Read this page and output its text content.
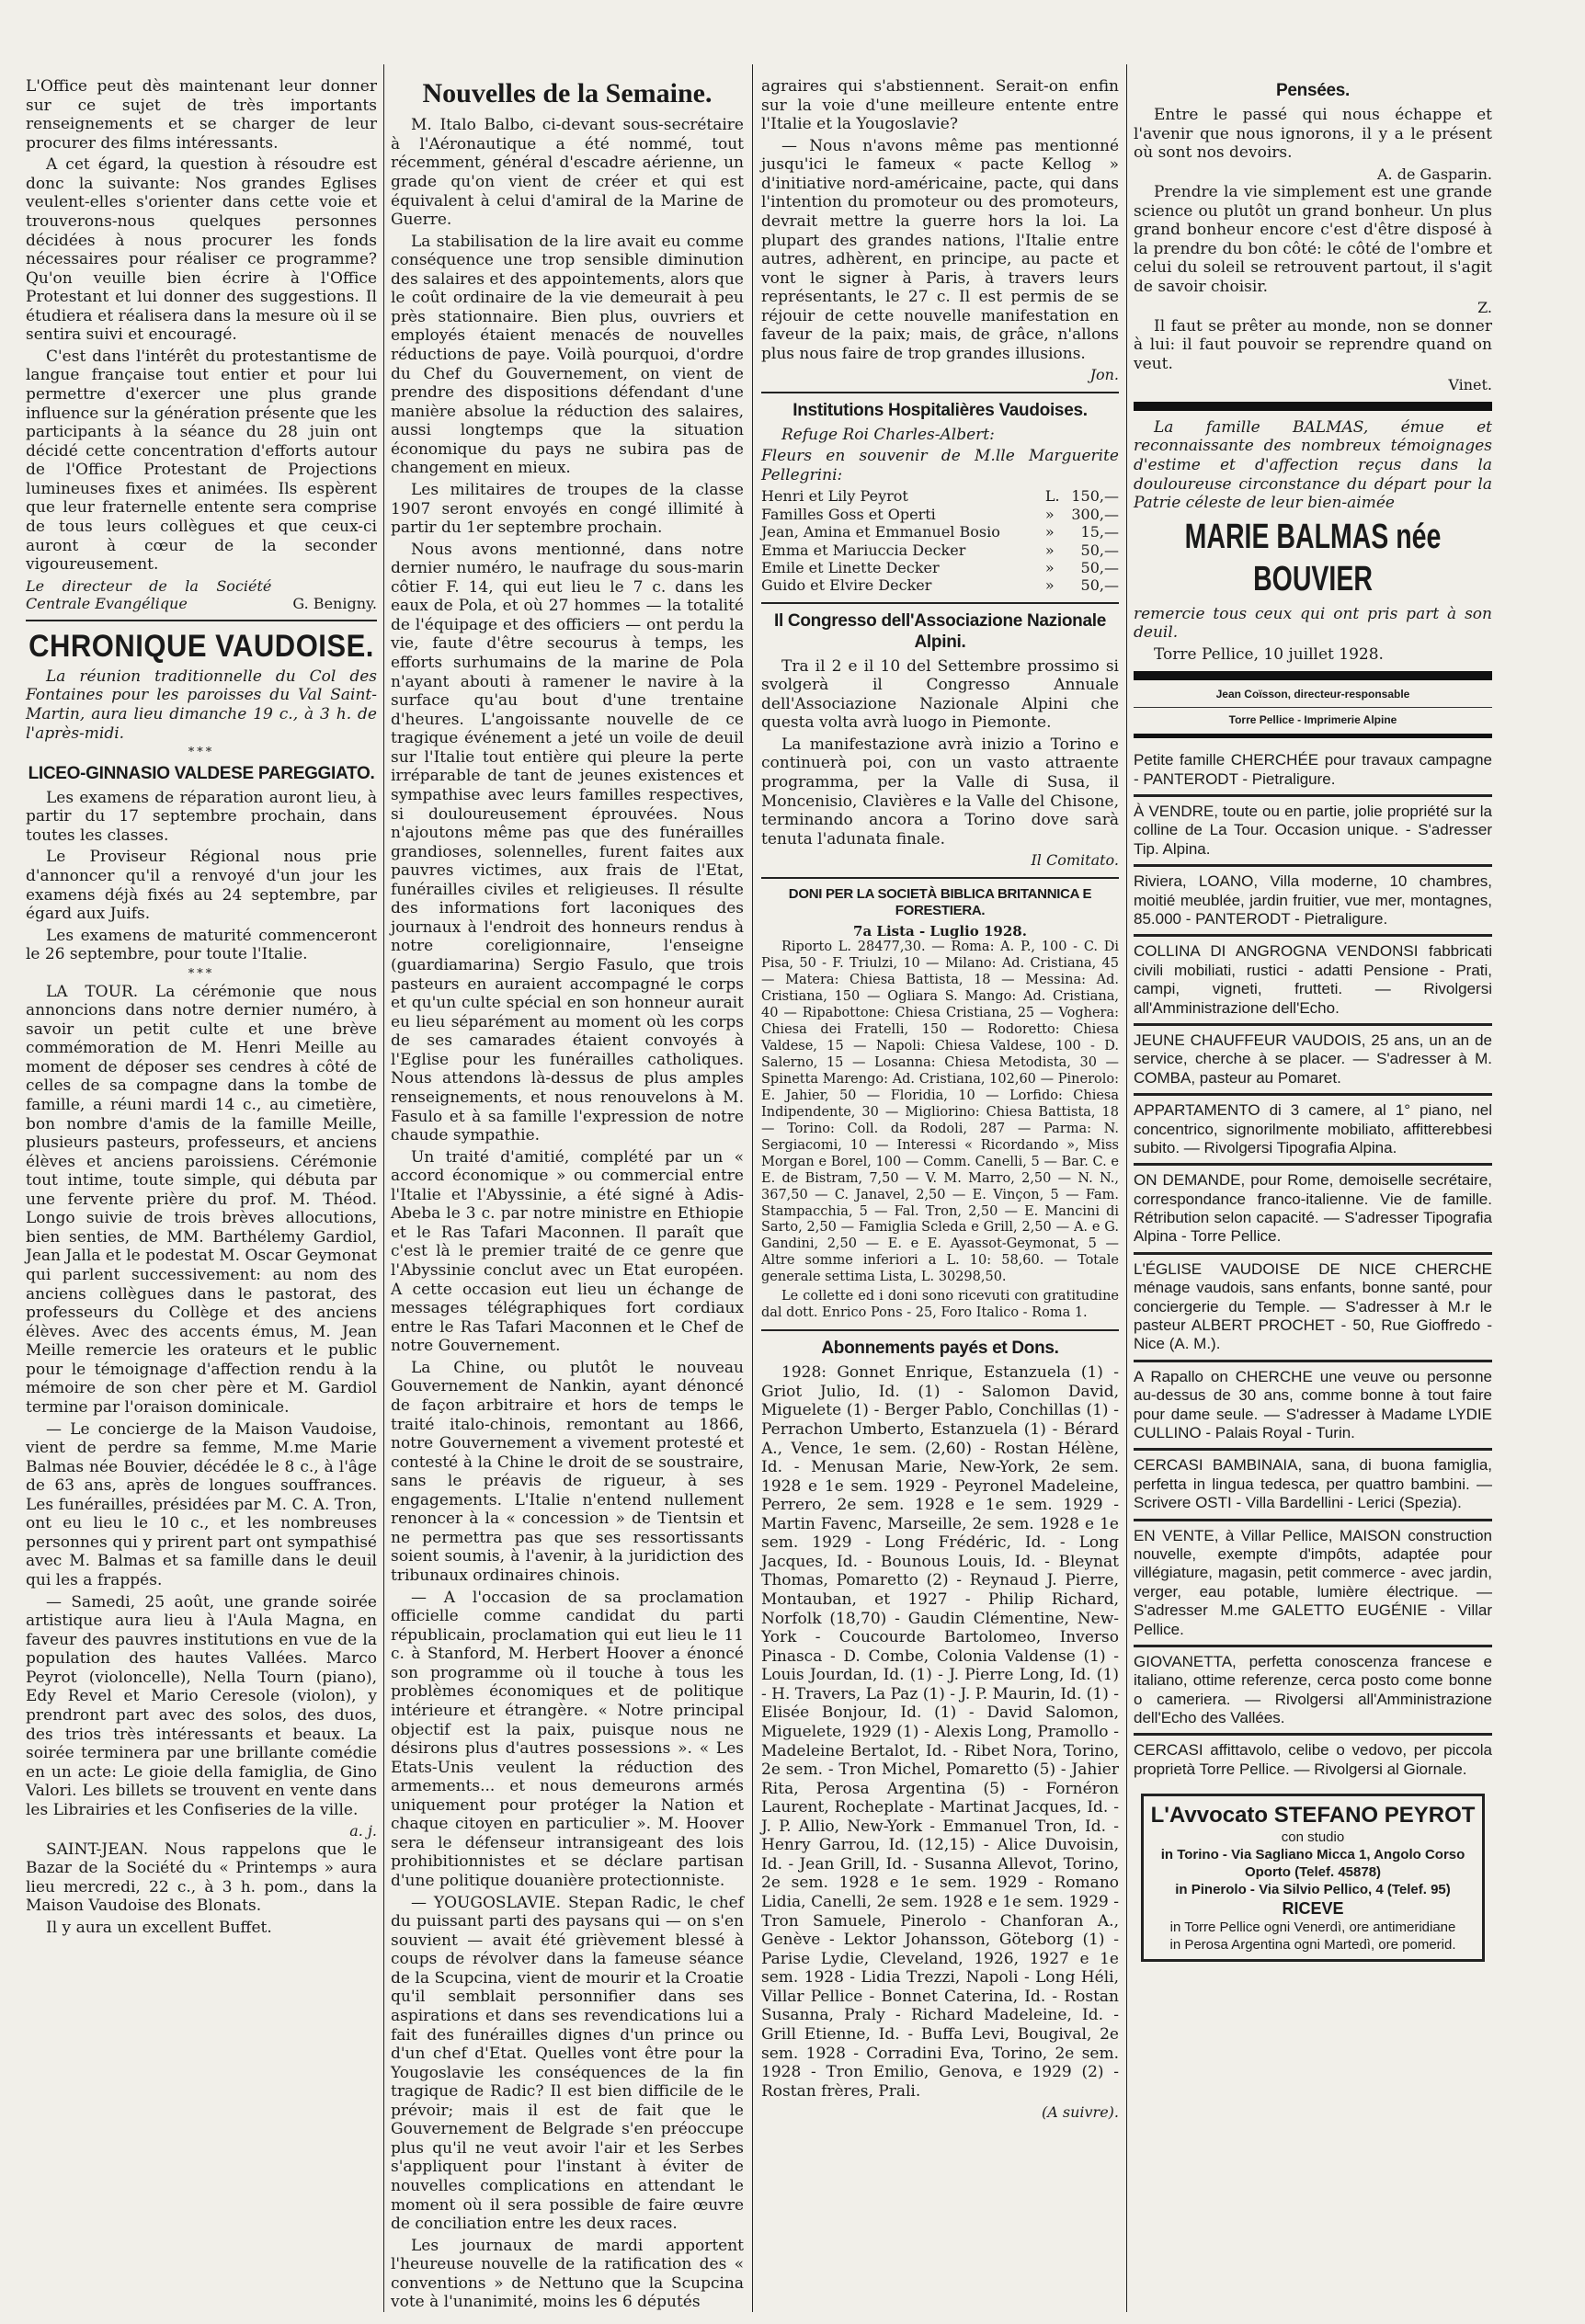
L'Office peut dès maintenant leur donner sur ce sujet de très importants renseignements et se charger de leur procurer des films intéressants.

A cet égard, la question à résoudre est donc la suivante: Nos grandes Eglises veulent-elles s'orienter dans cette voie et trouverons-nous quelques personnes décidées à nous procurer les fonds nécessaires pour réaliser ce programme? Qu'on veuille bien écrire à l'Office Protestant et lui donner des suggestions. Il étudiera et réalisera dans la mesure où il se sentira suivi et encouragé.

C'est dans l'intérêt du protestantisme de langue française tout entier et pour lui permettre d'exercer une plus grande influence sur la génération présente que les participants à la séance du 28 juin ont décidé cette concentration d'efforts autour de l'Office Protestant de Projections lumineuses fixes et animées. Ils espèrent que leur fraternelle entente sera comprise de tous leurs collègues et que ceux-ci auront à cœur de la seconder vigoureusement.

Le directeur de la Société Centrale Evangélique	G. Benigny.
CHRONIQUE VAUDOISE.

La réunion traditionnelle du Col des Fontaines pour les paroisses du Val Saint-Martin, aura lieu dimanche 19 c., à 3 h. de l'après-midi.

***
LICEO-GINNASIO VALDESE PAREGGIATO.

Les examens de réparation auront lieu, à partir du 17 septembre prochain, dans toutes les classes.

Le Proviseur Régional nous prie d'annoncer qu'il a renvoyé d'un jour les examens déjà fixés au 24 septembre, par égard aux Juifs.

Les examens de maturité commenceront le 26 septembre, pour toute l'Italie.

***

LA TOUR. La cérémonie que nous annoncions dans notre dernier numéro, à savoir un petit culte et une brève commémoration de M. Henri Meille au moment de déposer ses cendres à côté de celles de sa compagne dans la tombe de famille, a réuni mardi 14 c., au cimetière, bon nombre d'amis de la famille Meille, plusieurs pasteurs, professeurs, et anciens élèves et anciens paroissiens. Cérémonie tout intime, toute simple, qui débuta par une fervente prière du prof. M. Théod. Longo suivie de trois brèves allocutions, bien senties, de MM. Barthélemy Gardiol, Jean Jalla et le podestat M. Oscar Geymonat qui parlent successivement: au nom des anciens collègues dans le pastorat, des professeurs du Collège et des anciens élèves. Avec des accents émus, M. Jean Meille remercie les orateurs et le public pour le témoignage d'affection rendu à la mémoire de son cher père et M. Gardiol termine par l'oraison dominicale.

— Le concierge de la Maison Vaudoise, vient de perdre sa femme, M.me Marie Balmas née Bouvier, décédée le 8 c., à l'âge de 63 ans, après de longues souffrances. Les funérailles, présidées par M. C. A. Tron, ont eu lieu le 10 c., et les nombreuses personnes qui y prirent part ont sympathisé avec M. Balmas et sa famille dans le deuil qui les a frappés.

— Samedi, 25 août, une grande soirée artistique aura lieu à l'Aula Magna, en faveur des pauvres institutions en vue de la population des hautes Vallées. Marco Peyrot (violoncelle), Nella Tourn (piano), Edy Revel et Mario Ceresole (violon), y prendront part avec des solos, des duos, des trios très intéressants et beaux. La soirée terminera par une brillante comédie en un acte: Le gioie della famiglia, de Gino Valori. Les billets se trouvent en vente dans les Librairies et les Confiseries de la ville.

a. j.

SAINT-JEAN. Nous rappelons que le Bazar de la Société du « Printemps » aura lieu mercredi, 22 c., à 3 h. pom., dans la Maison Vaudoise des Blonats.

Il y aura un excellent Buffet.

Nouvelles de la Semaine.

M. Italo Balbo, ci-devant sous-secrétaire à l'Aéronautique a été nommé, tout récemment, général d'escadre aérienne, un grade qu'on vient de créer et qui est équivalent à celui d'amiral de la Marine de Guerre.

La stabilisation de la lire avait eu comme conséquence une trop sensible diminution des salaires et des appointements, alors que le coût ordinaire de la vie demeurait à peu près stationnaire. Bien plus, ouvriers et employés étaient menacés de nouvelles réductions de paye. Voilà pourquoi, d'ordre du Chef du Gouvernement, on vient de prendre des dispositions défendant d'une manière absolue la réduction des salaires, aussi longtemps que la situation économique du pays ne subira pas de changement en mieux.

Les militaires de troupes de la classe 1907 seront envoyés en congé illimité à partir du 1er septembre prochain.

Nous avons mentionné, dans notre dernier numéro, le naufrage du sous-marin côtier F. 14, qui eut lieu le 7 c. dans les eaux de Pola, et où 27 hommes — la totalité de l'équipage et des officiers — ont perdu la vie, faute d'être secourus à temps, les efforts surhumains de la marine de Pola n'ayant abouti à ramener le navire à la surface qu'au bout d'une trentaine d'heures. L'angoissante nouvelle de ce tragique événement a jeté un voile de deuil sur l'Italie tout entière qui pleure la perte irréparable de tant de jeunes existences et sympathise avec leurs familles respectives, si douloureusement éprouvées. Nous n'ajoutons même pas que des funérailles grandioses, solennelles, furent faites aux pauvres victimes, aux frais de l'Etat, funérailles civiles et religieuses. Il résulte des informations fort laconiques des journaux à l'endroit des honneurs rendus à notre coreligionnaire, l'enseigne (guardiamarina) Sergio Fasulo, que trois pasteurs en auraient accompagné le corps et qu'un culte spécial en son honneur aurait eu lieu séparément au moment où les corps de ses camarades étaient convoyés à l'Eglise pour les funérailles catholiques. Nous attendons là-dessus de plus amples renseignements, et nous renouvelons à M. Fasulo et à sa famille l'expression de notre chaude sympathie.

Un traité d'amitié, complété par un « accord économique » ou commercial entre l'Italie et l'Abyssinie, a été signé à Adis-Abeba le 3 c. par notre ministre en Ethiopie et le Ras Tafari Maconnen. Il paraît que c'est là le premier traité de ce genre que l'Abyssinie conclut avec un Etat européen. A cette occasion eut lieu un échange de messages télégraphiques fort cordiaux entre le Ras Tafari Maconnen et le Chef de notre Gouvernement.

La Chine, ou plutôt le nouveau Gouvernement de Nankin, ayant dénoncé de façon arbitraire et hors de temps le traité italo-chinois, remontant au 1866, notre Gouvernement a vivement protesté et contesté à la Chine le droit de se soustraire, sans le préavis de rigueur, à ses engagements. L'Italie n'entend nullement renoncer à la « concession » de Tientsin et ne permettra pas que ses ressortissants soient soumis, à l'avenir, à la juridiction des tribunaux ordinaires chinois.

— A l'occasion de sa proclamation officielle comme candidat du parti républicain, proclamation qui eut lieu le 11 c. à Stanford, M. Herbert Hoover a énoncé son programme où il touche à tous les problèmes économiques et de politique intérieure et étrangère. « Notre principal objectif est la paix, puisque nous ne désirons plus d'autres possessions ». « Les Etats-Unis veulent la réduction des armements... et nous demeurons armés uniquement pour protéger la Nation et chaque citoyen en particulier ». M. Hoover sera le défenseur intransigeant des lois prohibitionnistes et se déclare partisan d'une politique douanière protectionniste.

— YOUGOSLAVIE. Stepan Radic, le chef du puissant parti des paysans qui — on s'en souvient — avait été grièvement blessé à coups de révolver dans la fameuse séance de la Scupcina, vient de mourir et la Croatie qu'il semblait personnifier dans ses aspirations et dans ses revendications lui a fait des funérailles dignes d'un prince ou d'un chef d'Etat. Quelles vont être pour la Yougoslavie les conséquences de la fin tragique de Radic? Il est bien difficile de le prévoir; mais il est de fait que le Gouvernement de Belgrade s'en préoccupe plus qu'il ne veut avoir l'air et les Serbes s'appliquent pour l'instant à éviter de nouvelles complications en attendant le moment où il sera possible de faire œuvre de conciliation entre les deux races.

Les journaux de mardi apportent l'heureuse nouvelle de la ratification des « conventions » de Nettuno que la Scupcina vote à l'unanimité, moins les 6 députés

agraires qui s'abstiennent. Serait-on enfin sur la voie d'une meilleure entente entre l'Italie et la Yougoslavie?

— Nous n'avons même pas mentionné jusqu'ici le fameux « pacte Kellog » d'initiative nord-américaine, pacte, qui dans l'intention du promoteur ou des promoteurs, devrait mettre la guerre hors la loi. La plupart des grandes nations, l'Italie entre autres, adhèrent, en principe, au pacte et vont le signer à Paris, à travers leurs représentants, le 27 c. Il est permis de se réjouir de cette nouvelle manifestation en faveur de la paix; mais, de grâce, n'allons plus nous faire de trop grandes illusions.

Jon.
Institutions Hospitalières Vaudoises.

Refuge Roi Charles-Albert:

Fleurs en souvenir de M.lle Marguerite Pellegrini:

Henri et Lily Peyrot	L.	150,—
Familles Goss et Operti	»	300,—
Jean, Amina et Emmanuel Bosio	»	15,—
Emma et Mariuccia Decker	»	50,—
Emile et Linette Decker	»	50,—
Guido et Elvire Decker	»	50,—
Il Congresso dell'Associazione Nazionale Alpini.

Tra il 2 e il 10 del Settembre prossimo si svolgerà il Congresso Annuale dell'Associazione Nazionale Alpini che questa volta avrà luogo in Piemonte.

La manifestazione avrà inizio a Torino e continuerà poi, con un vasto attraente programma, per la Valle di Susa, il Moncenisio, Clavières e la Valle del Chisone, terminando ancora a Torino dove sarà tenuta l'adunata finale.

Il Comitato.
DONI PER LA SOCIETÀ BIBLICA BRITANNICA E FORESTIERA.
7a Lista - Luglio 1928.

Riporto L. 28477,30. — Roma: A. P., 100 - C. Di Pisa, 50 - F. Triulzi, 10 — Milano: Ad. Cristiana, 45 — Matera: Chiesa Battista, 18 — Messina: Ad. Cristiana, 150 — Ogliara S. Mango: Ad. Cristiana, 40 — Ripabottone: Chiesa Cristiana, 25 — Voghera: Chiesa dei Fratelli, 150 — Rodoretto: Chiesa Valdese, 15 — Napoli: Chiesa Valdese, 100 - D. Salerno, 15 — Losanna: Chiesa Metodista, 30 — Spinetta Marengo: Ad. Cristiana, 102,60 — Pinerolo: E. Jahier, 50 — Floridia, 10 — Lorfido: Chiesa Indipendente, 30 — Migliorino: Chiesa Battista, 18 — Torino: Coll. da Rodoli, 287 — Parma: N. Sergiacomi, 10 — Interessi « Ricordando », Miss Morgan e Borel, 100 — Comm. Canelli, 5 — Bar. C. e E. de Bistram, 7,50 — V. M. Marro, 2,50 — N. N., 367,50 — C. Janavel, 2,50 — E. Vinçon, 5 — Fam. Stampacchia, 5 — Fal. Tron, 2,50 — E. Mancini di Sarto, 2,50 — Famiglia Scleda e Grill, 2,50 — A. e G. Gandini, 2,50 — E. e E. Ayassot-Geymonat, 5 — Altre somme inferiori a L. 10: 58,60. — Totale generale settima Lista, L. 30298,50.

Le collette ed i doni sono ricevuti con gratitudine dal dott. Enrico Pons - 25, Foro Italico - Roma 1.

Abonnements payés et Dons.

1928: Gonnet Enrique, Estanzuela (1) - Griot Julio, Id. (1) - Salomon David, Miguelete (1) - Berger Pablo, Conchillas (1) - Perrachon Umberto, Estanzuela (1) - Bérard A., Vence, 1e sem. (2,60) - Rostan Hélène, Id. - Menusan Marie, New-York, 2e sem. 1928 e 1e sem. 1929 - Peyronel Madeleine, Perrero, 2e sem. 1928 e 1e sem. 1929 - Martin Favenc, Marseille, 2e sem. 1928 e 1e sem. 1929 - Long Frédéric, Id. - Long Jacques, Id. - Bounous Louis, Id. - Bleynat Thomas, Pomaretto (2) - Reynaud J. Pierre, Montauban, et 1927 - Philip Richard, Norfolk (18,70) - Gaudin Clémentine, New-York - Coucourde Bartolomeo, Inverso Pinasca - D. Combe, Colonia Valdense (1) - Louis Jourdan, Id. (1) - J. Pierre Long, Id. (1) - H. Travers, La Paz (1) - J. P. Maurin, Id. (1) - Elisée Bonjour, Id. (1) - David Salomon, Miguelete, 1929 (1) - Alexis Long, Pramollo - Madeleine Bertalot, Id. - Ribet Nora, Torino, 2e sem. - Tron Michel, Pomaretto (5) - Jahier Rita, Perosa Argentina (5) - Fornéron Laurent, Rocheplate - Martinat Jacques, Id. - J. P. Allio, New-York - Emmanuel Tron, Id. - Henry Garrou, Id. (12,15) - Alice Duvoisin, Id. - Jean Grill, Id. - Susanna Allevot, Torino, 2e sem. 1928 e 1e sem. 1929 - Romano Lidia, Canelli, 2e sem. 1928 e 1e sem. 1929 - Tron Samuele, Pinerolo - Chanforan A., Genève - Lektor Johansson, Göteborg (1) - Parise Lydie, Cleveland, 1926, 1927 e 1e sem. 1928 - Lidia Trezzi, Napoli - Long Héli, Villar Pellice - Bonnet Caterina, Id. - Rostan Susanna, Praly - Richard Madeleine, Id. - Grill Etienne, Id. - Buffa Levi, Bougival, 2e sem. 1928 - Corradini Eva, Torino, 2e sem. 1928 - Tron Emilio, Genova, e 1929 (2) - Rostan frères, Prali.

(A suivre).
Pensées.

Entre le passé qui nous échappe et l'avenir que nous ignorons, il y a le présent où sont nos devoirs.

A. de Gasparin.

Prendre la vie simplement est une grande science ou plutôt un grand bonheur. Un plus grand bonheur encore c'est d'être disposé à la prendre du bon côté: le côté de l'ombre et celui du soleil se retrouvent partout, il s'agit de savoir choisir.

Z.

Il faut se prêter au monde, non se donner à lui: il faut pouvoir se reprendre quand on veut.

Vinet.

La famille BALMAS, émue et reconnaissante des nombreux témoignages d'estime et d'affection reçus dans la douloureuse circonstance du départ pour la Patrie céleste de leur bien-aimée

MARIE BALMAS née BOUVIER

remercie tous ceux qui ont pris part à son deuil.

Torre Pellice, 10 juillet 1928.

Jean Coïsson, directeur-responsable
Torre Pellice - Imprimerie Alpine
Petite famille CHERCHÉE pour travaux campagne - PANTERODT - Pietraligure.
À VENDRE, toute ou en partie, jolie propriété sur la colline de La Tour. Occasion unique. - S'adresser Tip. Alpina.
Riviera, LOANO, Villa moderne, 10 chambres, moitié meublée, jardin fruitier, vue mer, montagnes, 85.000 - PANTERODT - Pietraligure.
COLLINA DI ANGROGNA VENDONSI fabbricati civili mobiliati, rustici - adatti Pensione - Prati, campi, vigneti, frutteti. — Rivolgersi all'Amministrazione dell'Echo.
JEUNE CHAUFFEUR VAUDOIS, 25 ans, un an de service, cherche à se placer. — S'adresser à M. COMBA, pasteur au Pomaret.
APPARTAMENTO di 3 camere, al 1° piano, nel concentrico, signorilmente mobiliato, affitterebbesi subito. — Rivolgersi Tipografia Alpina.
ON DEMANDE, pour Rome, demoiselle secrétaire, correspondance franco-italienne. Vie de famille. Rétribution selon capacité. — S'adresser Tipografia Alpina - Torre Pellice.
L'ÉGLISE VAUDOISE DE NICE CHERCHE ménage vaudois, sans enfants, bonne santé, pour conciergerie du Temple. — S'adresser à M.r le pasteur ALBERT PROCHET - 50, Rue Gioffredo - Nice (A. M.).
A Rapallo on CHERCHE une veuve ou personne au-dessus de 30 ans, comme bonne à tout faire pour dame seule. — S'adresser à Madame LYDIE CULLINO - Palais Royal - Turin.
CERCASI BAMBINAIA, sana, di buona famiglia, perfetta in lingua tedesca, per quattro bambini. — Scrivere OSTI - Villa Bardellini - Lerici (Spezia).
EN VENTE, à Villar Pellice, MAISON construction nouvelle, exempte d'impôts, adaptée pour villégiature, magasin, petit commerce - avec jardin, verger, eau potable, lumière électrique. — S'adresser M.me GALETTO EUGÉNIE - Villar Pellice.
GIOVANETTA, perfetta conoscenza francese e italiano, ottime referenze, cerca posto come bonne o cameriera. — Rivolgersi all'Amministrazione dell'Echo des Vallées.
CERCASI affittavolo, celibe o vedovo, per piccola proprietà Torre Pellice. — Rivolgersi al Giornale.
L'Avvocato STEFANO PEYROT
con studio
in Torino - Via Sagliano Micca 1, Angolo Corso Oporto (Telef. 45878)
in Pinerolo - Via Silvio Pellico, 4 (Telef. 95)
RICEVE
in Torre Pellice ogni Venerdì, ore antimeridiane
in Perosa Argentina ogni Martedì, ore pomerid.
